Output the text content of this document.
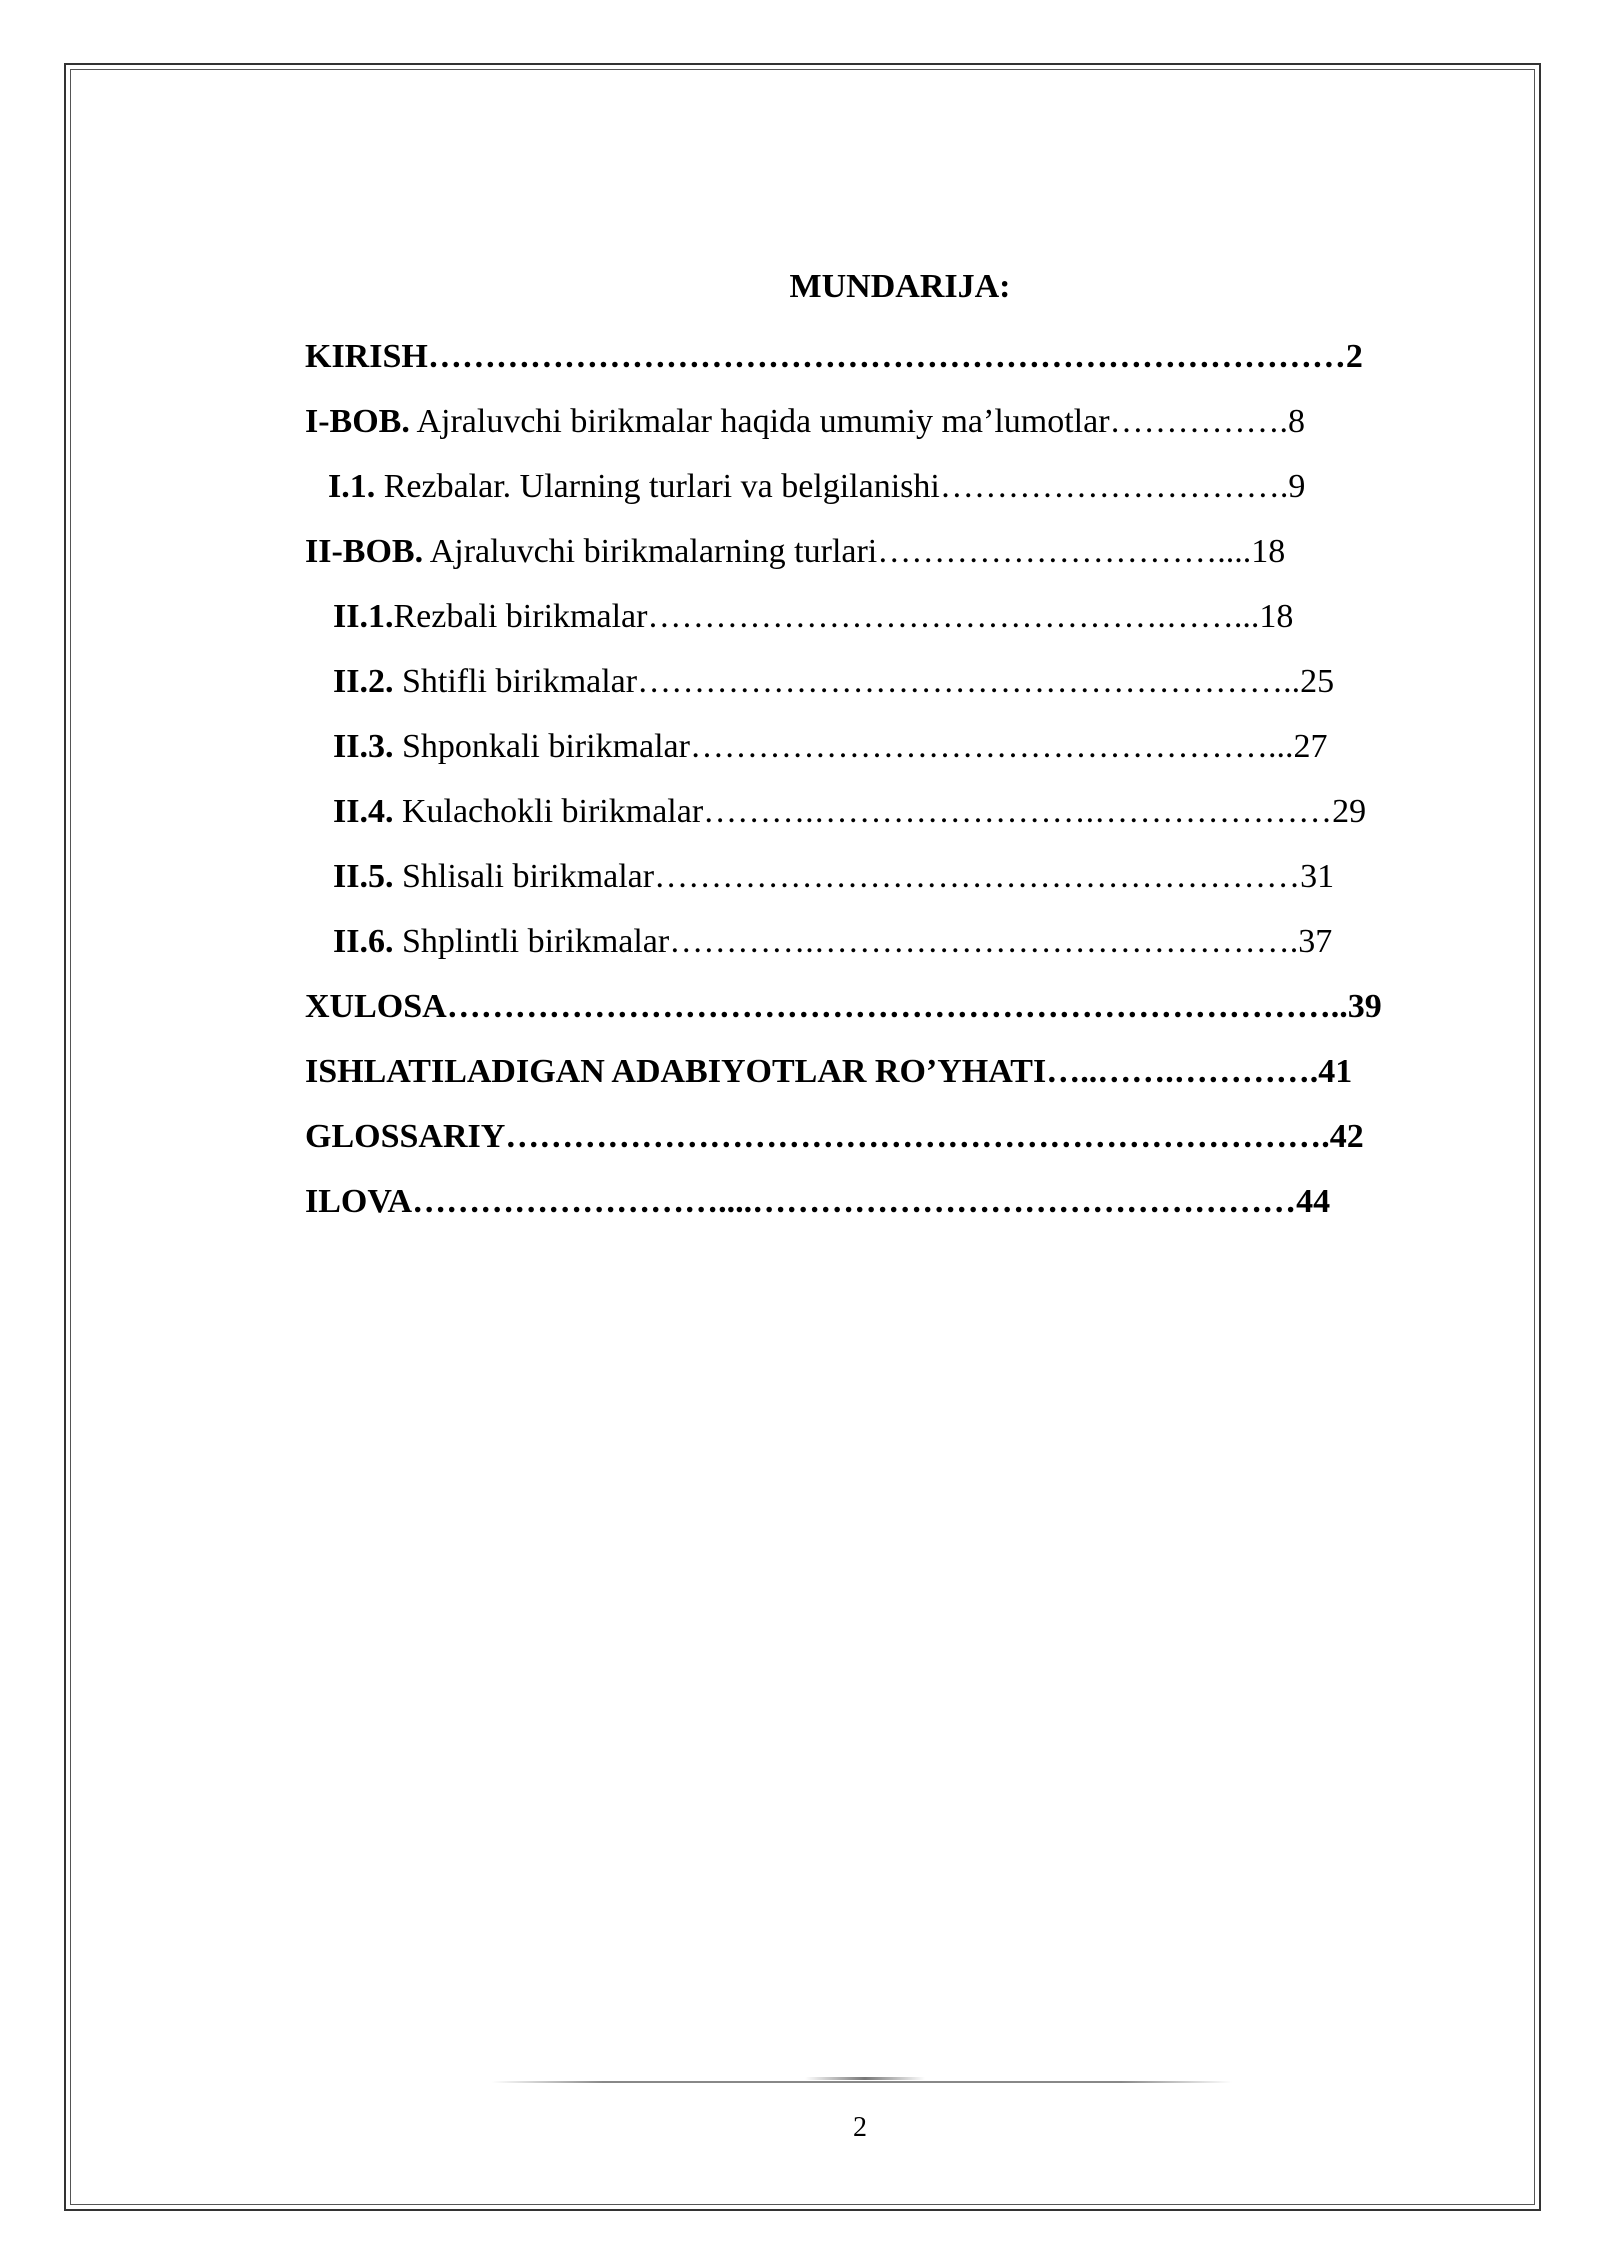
MUNDARIJA:
KIRISH………………………………………………………………………2
I-BOB. Ajraluvchi birikmalar haqida umumiy ma’lumotlar…………….8
I.1. Rezbalar. Ularning turlari va belgilanishi………………………….9
II-BOB. Ajraluvchi birikmalarning turlari…………………………....18
II.1.Rezbali birikmalar……………………………………….……...18
II.2. Shtifli birikmalar…………………………………………………..25
II.3. Shponkali birikmalar……………………………………………...27
II.4. Kulachokli birikmalar……….…………………….…………………29
II.5. Shlisali birikmalar…………………………………………………31
II.6. Shplintli birikmalar………….…………………………………….37
XULOSA……………………………………………………………………..39
ISHLATILADIGAN ADABIYOTLAR RO’YHATI…..…….………….41
GLOSSARIY……………………………………………………………….42
ILOVA………………………....…………………………………………44
2
